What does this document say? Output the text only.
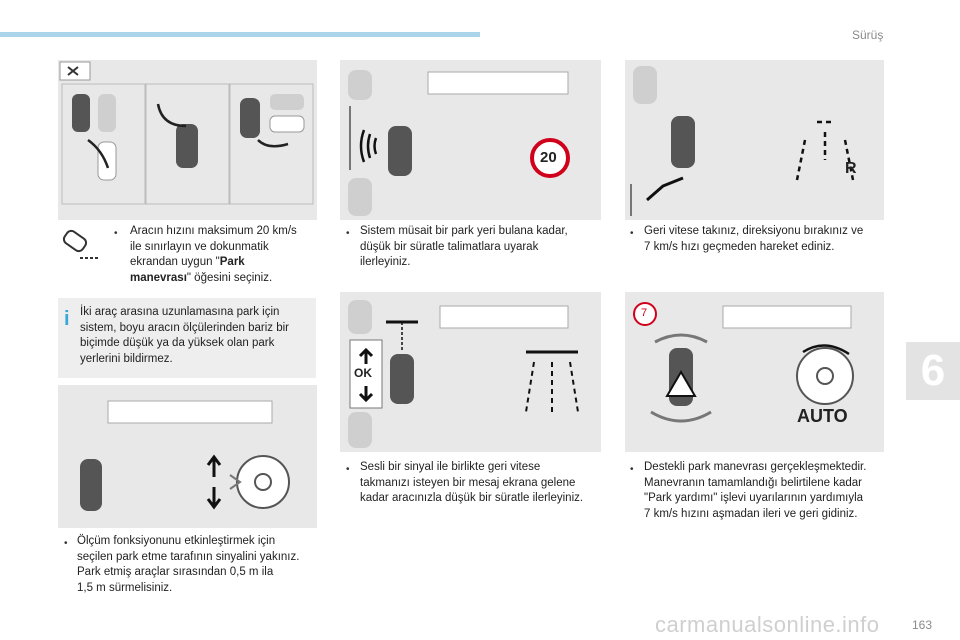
Sürüş
• Aracın hızını maksimum 20 km/s
ile sınırlayın ve dokunmatik
ekrandan uygun "Park
manevrası" öğesini seçiniz.
i İki araç arasına uzunlamasına park için
sistem, boyu aracın ölçülerinden bariz bir
biçimde düşük ya da yüksek olan park
yerlerini bildirmez.
• Ölçüm fonksiyonunu etkinleştirmek için
seçilen park etme tarafının sinyalini yakınız.
Park etmiş araçlar sırasından 0,5 m ila
1,5 m sürmelisiniz.
20
• Sistem müsait bir park yeri bulana kadar,
düşük bir süratle talimatlara uyarak
ilerleyiniz.
OK
• Sesli bir sinyal ile birlikte geri vitese
takmanızı isteyen bir mesaj ekrana gelene
kadar aracınızla düşük bir süratle ilerleyiniz.
R
• Geri vitese takınız, direksiyonu bırakınız ve
7 km/s hızı geçmeden hareket ediniz.
7
AUTO
• Destekli park manevrası gerçekleşmektedir.
Manevranın tamamlandığı belirtilene kadar
"Park yardımı" işlevi uyarılarının yardımıyla
7 km/s hızını aşmadan ileri ve geri gidiniz.
6
163
carmanualsonline.info
